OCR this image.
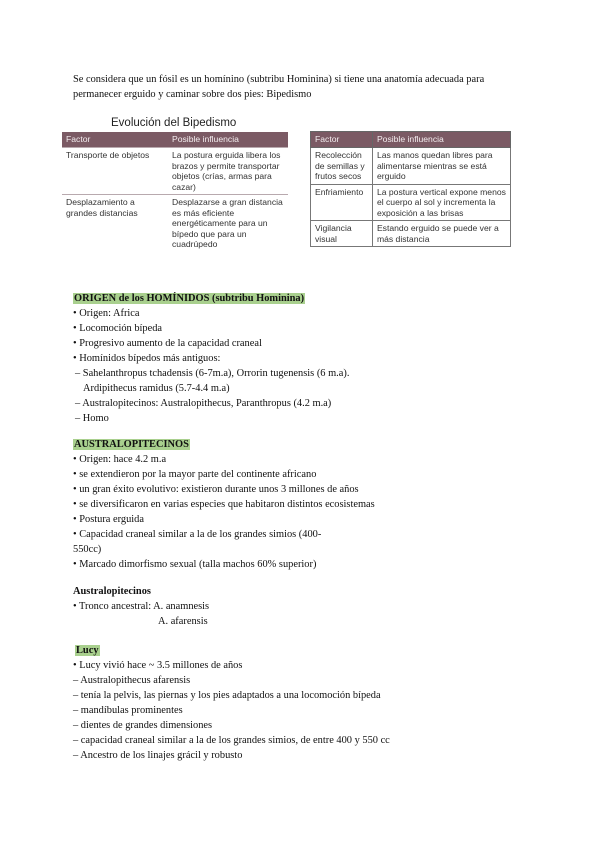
Se considera que un fósil es un homínino (subtribu Hominina) si tiene una anatomía adecuada para
permanecer erguido y caminar sobre dos pies: Bipedismo
Evolución del Bipedismo
Factor	Posible influencia
Transporte de objetos	La postura erguida libera los brazos y permite transportar objetos (crías, armas para cazar)
Desplazamiento a grandes distancias	Desplazarse a gran distancia es más eficiente energéticamente para un bípedo que para un cuadrúpedo
Factor	Posible influencia
Recolección de semillas y frutos secos	Las manos quedan libres para alimentarse mientras se está erguido
Enfriamiento	La postura vertical expone menos el cuerpo al sol y incrementa la exposición a las brisas
Vigilancia visual	Estando erguido se puede ver a más distancia
ORIGEN de los HOMÍNIDOS (subtribu Hominina)
• Origen: Africa
• Locomoción bípeda
• Progresivo aumento de la capacidad craneal
• Homínidos bípedos más antiguos:
– Sahelanthropus tchadensis (6-7m.a), Orrorin tugenensis (6 m.a).
Ardipithecus ramidus (5.7-4.4 m.a)
– Australopitecinos: Australopithecus, Paranthropus (4.2 m.a)
– Homo
AUSTRALOPITECINOS
• Origen: hace 4.2 m.a
• se extendieron por la mayor parte del continente africano
• un gran éxito evolutivo: existieron durante unos 3 millones de años
• se diversificaron en varias especies que habitaron distintos ecosistemas
• Postura erguida
• Capacidad craneal similar a la de los grandes simios (400-
550cc)
• Marcado dimorfismo sexual (talla machos 60% superior)
Australopitecinos
• Tronco ancestral: A. anamnesis
A. afarensis
Lucy
• Lucy vivió hace ~ 3.5 millones de años
– Australopithecus afarensis
– tenía la pelvis, las piernas y los pies adaptados a una locomoción bípeda
– mandíbulas prominentes
– dientes de grandes dimensiones
– capacidad craneal similar a la de los grandes simios, de entre 400 y 550 cc
– Ancestro de los linajes grácil y robusto
